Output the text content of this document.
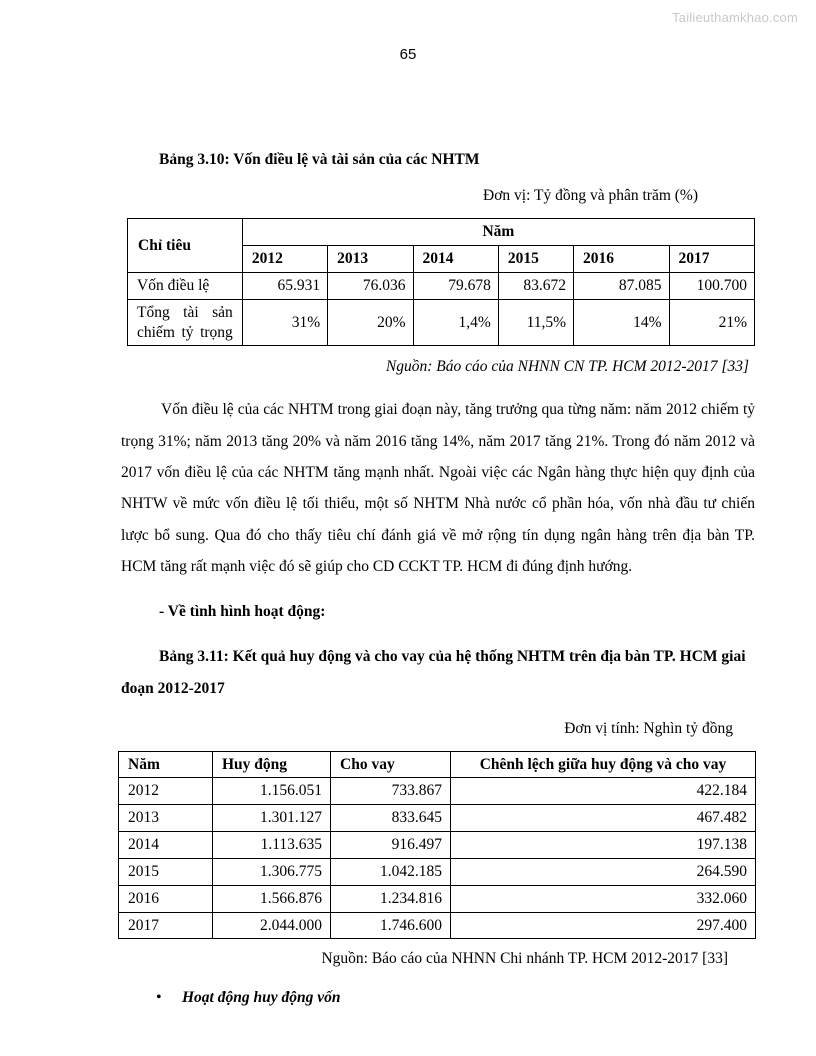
Tailieuthamkhao.com
65
Bảng 3.10: Vốn điều lệ và tài sản của các NHTM
Đơn vị: Tỷ đồng và phân trăm (%)
Chỉ tiêu	Năm					
	2012	2013	2014	2015	2016	2017
Vốn điều lệ	65.931	76.036	79.678	83.672	87.085	100.700
Tổng tài sản
chiếm tỷ trọng	31%	20%	1,4%	11,5%	14%	21%
Nguồn: Báo cáo của NHNN CN TP. HCM 2012-2017 [33]
Vốn điều lệ của các NHTM trong giai đoạn này, tăng trưởng qua từng năm: năm 2012 chiếm tỷ trọng 31%; năm 2013 tăng 20% và năm 2016 tăng 14%, năm 2017 tăng 21%. Trong đó năm 2012 và 2017 vốn điều lệ của các NHTM tăng mạnh nhất. Ngoài việc các Ngân hàng thực hiện quy định của NHTW về mức vốn điều lệ tối thiểu, một số NHTM Nhà nước cổ phần hóa, vốn nhà đầu tư chiến lược bổ sung. Qua đó cho thấy tiêu chí đánh giá về mở rộng tín dụng ngân hàng trên địa bàn TP. HCM tăng rất mạnh việc đó sẽ giúp cho CD CCKT TP. HCM đi đúng định hướng.
- Về tình hình hoạt động:
Bảng 3.11: Kết quả huy động và cho vay của hệ thống NHTM trên địa bàn TP. HCM giai đoạn 2012-2017
Đơn vị tính: Nghìn tỷ đồng
Năm	Huy động	Cho vay	Chênh lệch giữa huy động và cho vay
2012	1.156.051	733.867	422.184
2013	1.301.127	833.645	467.482
2014	1.113.635	916.497	197.138
2015	1.306.775	1.042.185	264.590
2016	1.566.876	1.234.816	332.060
2017	2.044.000	1.746.600	297.400
Nguồn: Báo cáo của NHNN Chi nhánh TP. HCM 2012-2017 [33]
•	Hoạt động huy động vốn
